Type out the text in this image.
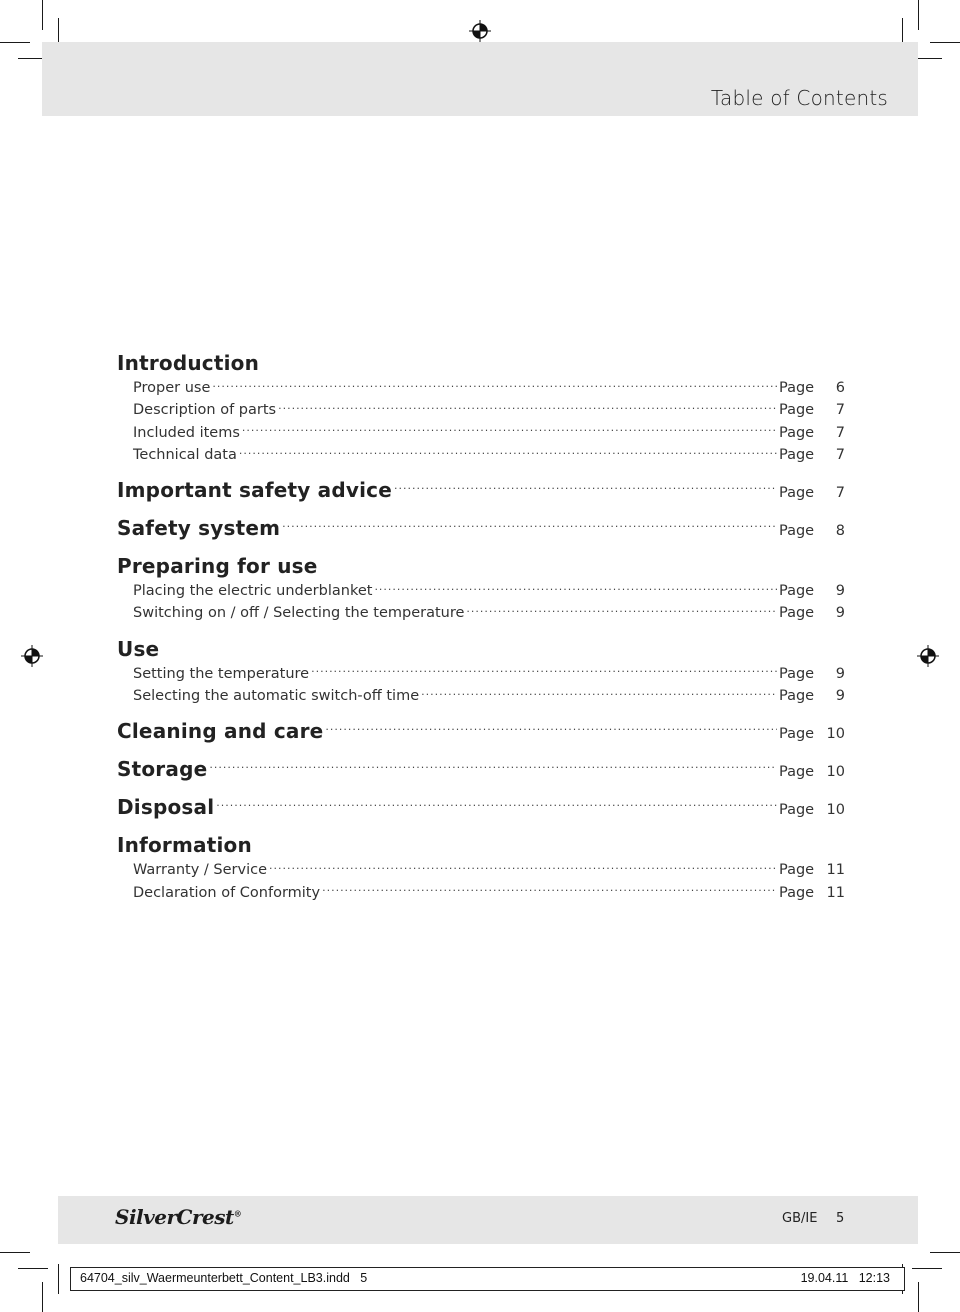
Table of Contents
Introduction
Proper use .....	Page	6
Description of parts .....	Page	7
Included items .....	Page	7
Technical data .....	Page	7
Important safety advice .....	Page	7
Safety system .....	Page	8
Preparing for use
Placing the electric underblanket .....	Page	9
Switching on / off / Selecting the temperature .....	Page	9
Use
Setting the temperature .....	Page	9
Selecting the automatic switch-off time .....	Page	9
Cleaning and care .....	Page 10
Storage .....	Page 10
Disposal .....	Page 10
Information
Warranty / Service .....	Page 11
Declaration of Conformity .....	Page 11
SilverCrest®	GB/IE 5
64704_silv_Waermeunterbett_Content_LB3.indd   5	19.04.11   12:13
